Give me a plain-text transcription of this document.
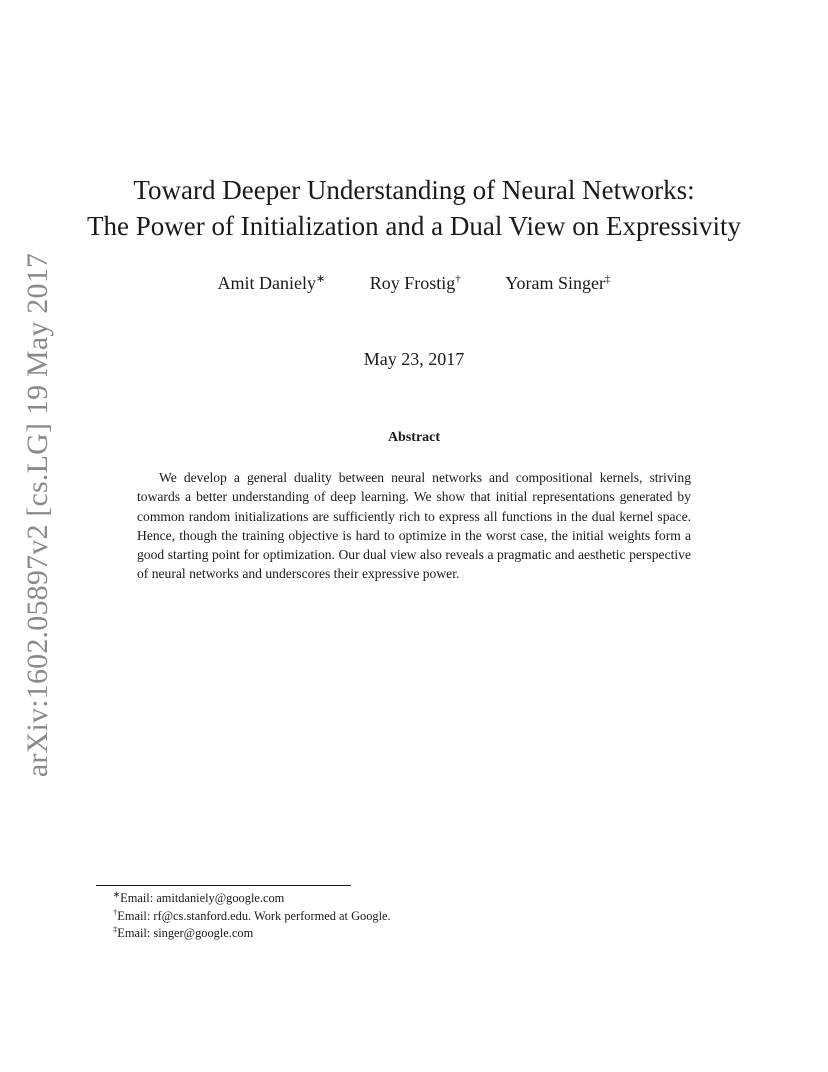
arXiv:1602.05897v2 [cs.LG] 19 May 2017
Toward Deeper Understanding of Neural Networks:
The Power of Initialization and a Dual View on Expressivity
Amit Daniely∗ Roy Frostig† Yoram Singer‡
May 23, 2017
Abstract
We develop a general duality between neural networks and compositional kernels, striving towards a better understanding of deep learning. We show that initial representations generated by common random initializations are sufficiently rich to express all functions in the dual kernel space. Hence, though the training objective is hard to optimize in the worst case, the initial weights form a good starting point for optimization. Our dual view also reveals a pragmatic and aesthetic perspective of neural networks and underscores their expressive power.
∗Email: amitdaniely@google.com
†Email: rf@cs.stanford.edu. Work performed at Google.
‡Email: singer@google.com
